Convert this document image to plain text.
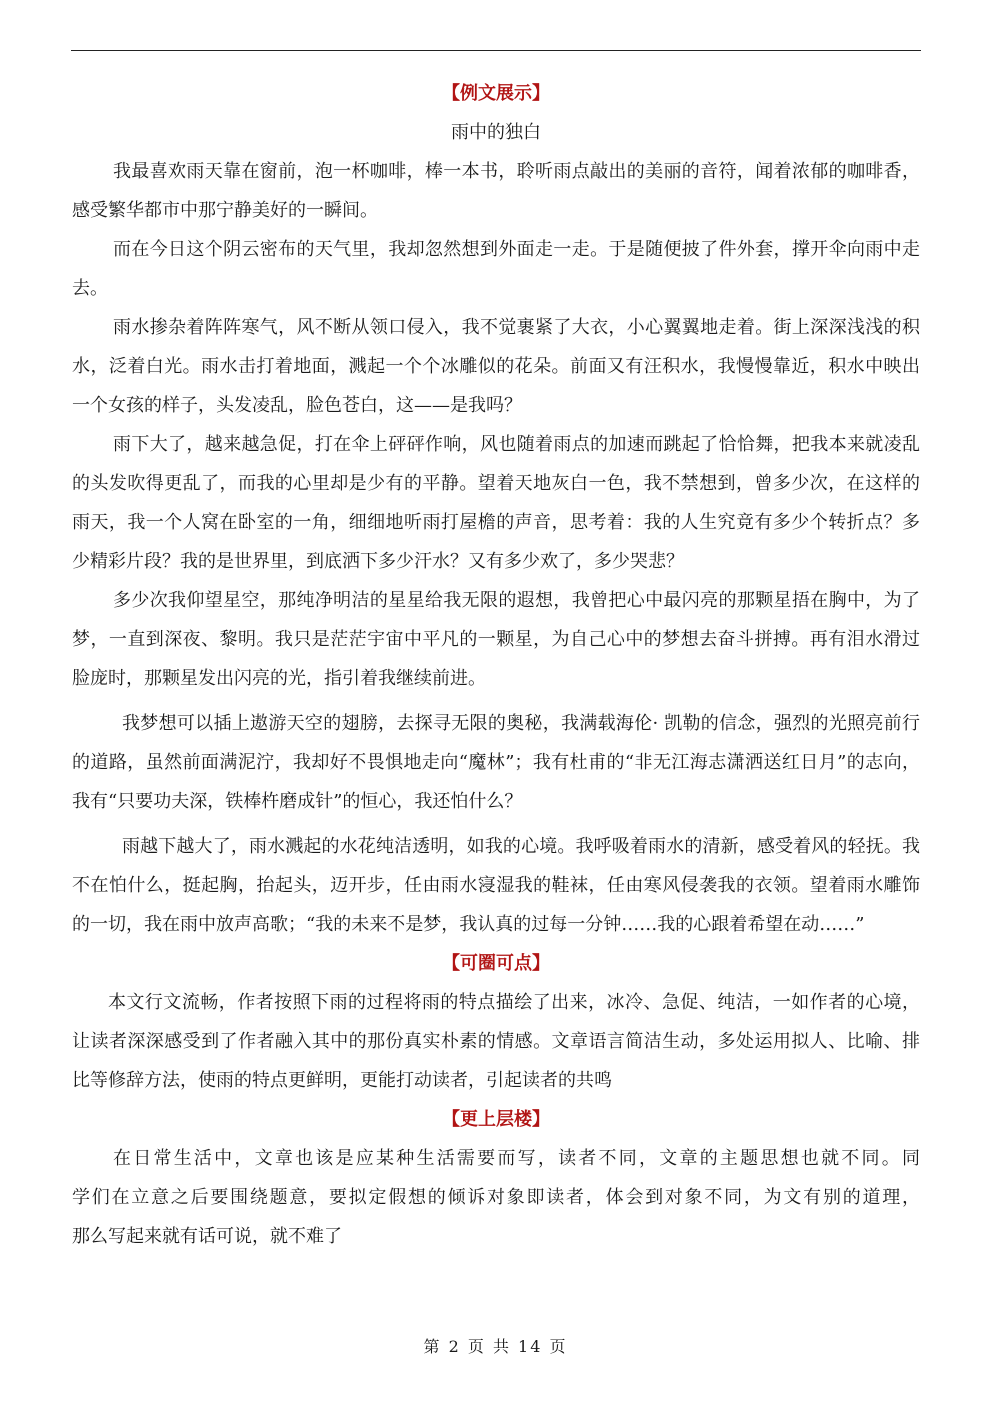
【例文展示】
雨中的独白
我最喜欢雨天靠在窗前，泡一杯咖啡，棒一本书，聆听雨点敲出的美丽的音符，闻着浓郁的咖啡香，
感受繁华都市中那宁静美好的一瞬间。
而在今日这个阴云密布的天气里，我却忽然想到外面走一走。于是随便披了件外套，撑开伞向雨中走
去。
雨水掺杂着阵阵寒气，风不断从领口侵入，我不觉裹紧了大衣，小心翼翼地走着。街上深深浅浅的积
水，泛着白光。雨水击打着地面，溅起一个个冰雕似的花朵。前面又有汪积水，我慢慢靠近，积水中映出
一个女孩的样子，头发凌乱，脸色苍白，这——是我吗？
雨下大了，越来越急促，打在伞上砰砰作响，风也随着雨点的加速而跳起了恰恰舞，把我本来就凌乱
的头发吹得更乱了，而我的心里却是少有的平静。望着天地灰白一色，我不禁想到，曾多少次，在这样的
雨天，我一个人窝在卧室的一角，细细地听雨打屋檐的声音，思考着：我的人生究竟有多少个转折点？多
少精彩片段？我的是世界里，到底洒下多少汗水？又有多少欢了，多少哭悲？
多少次我仰望星空，那纯净明洁的星星给我无限的遐想，我曾把心中最闪亮的那颗星捂在胸中，为了
梦，一直到深夜、黎明。我只是茫茫宇宙中平凡的一颗星，为自己心中的梦想去奋斗拼搏。再有泪水滑过
脸庞时，那颗星发出闪亮的光，指引着我继续前进。
我梦想可以插上遨游天空的翅膀，去探寻无限的奥秘，我满载海伦· 凯勒的信念，强烈的光照亮前行
的道路，虽然前面满泥泞，我却好不畏惧地走向“魔林”；我有杜甫的“非无江海志潇洒送红日月”的志向，
我有“只要功夫深，铁棒杵磨成针”的恒心，我还怕什么？
雨越下越大了，雨水溅起的水花纯洁透明，如我的心境。我呼吸着雨水的清新，感受着风的轻抚。我
不在怕什么，挺起胸，抬起头，迈开步，任由雨水寖湿我的鞋袜，任由寒风侵袭我的衣领。望着雨水雕饰
的一切，我在雨中放声高歌；“我的未来不是梦，我认真的过每一分钟……我的心跟着希望在动……”
【可圈可点】
本文行文流畅，作者按照下雨的过程将雨的特点描绘了出来，冰冷、急促、纯洁，一如作者的心境，
让读者深深感受到了作者融入其中的那份真实朴素的情感。文章语言简洁生动，多处运用拟人、比喻、排
比等修辞方法，使雨的特点更鲜明，更能打动读者，引起读者的共鸣
【更上层楼】
在日常生活中，文章也该是应某种生活需要而写，读者不同，文章的主题思想也就不同。同
学们在立意之后要围绕题意，要拟定假想的倾诉对象即读者，体会到对象不同，为文有别的道理，
那么写起来就有话可说，就不难了
第 2 页 共 14 页
